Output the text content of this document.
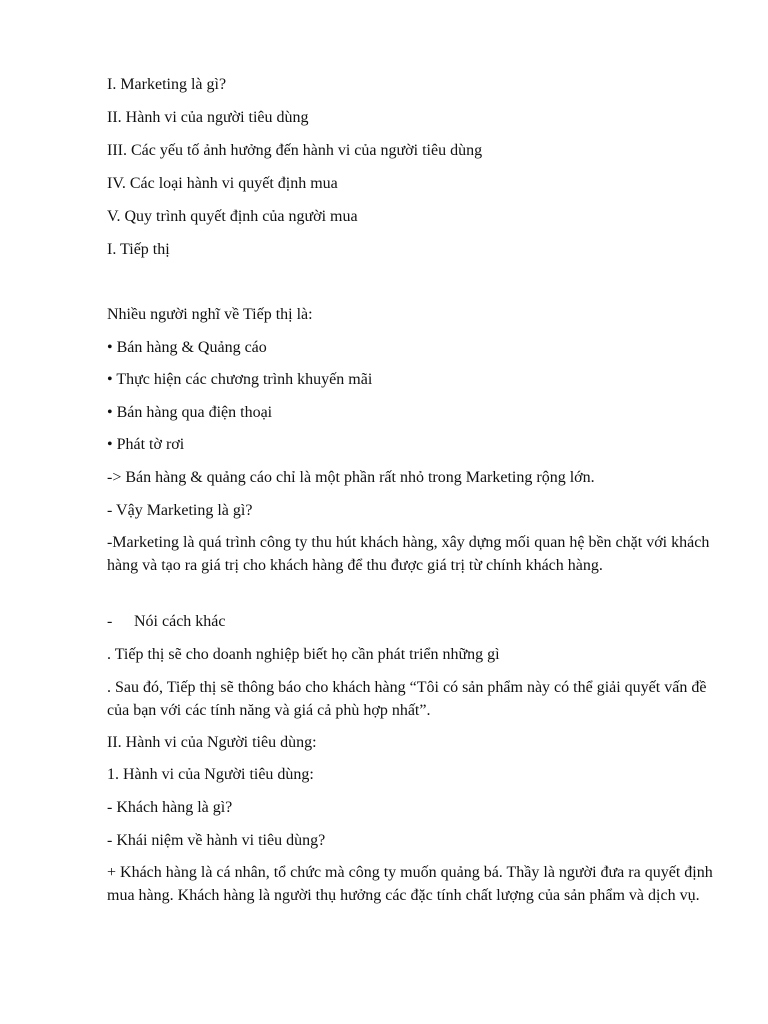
I. Marketing là gì?
II. Hành vi của người tiêu dùng
III. Các yếu tố ảnh hưởng đến hành vi của người tiêu dùng
IV. Các loại hành vi quyết định mua
V. Quy trình quyết định của người mua
I. Tiếp thị
Nhiều người nghĩ về Tiếp thị là:
• Bán hàng & Quảng cáo
• Thực hiện các chương trình khuyến mãi
• Bán hàng qua điện thoại
• Phát tờ rơi
-> Bán hàng & quảng cáo chỉ là một phần rất nhỏ trong Marketing rộng lớn.
- Vậy Marketing là gì?
-Marketing là quá trình công ty thu hút khách hàng, xây dựng mối quan hệ bền chặt với khách hàng và tạo ra giá trị cho khách hàng để thu được giá trị từ chính khách hàng.
- Nói cách khác
. Tiếp thị sẽ cho doanh nghiệp biết họ cần phát triển những gì
. Sau đó, Tiếp thị sẽ thông báo cho khách hàng “Tôi có sản phẩm này có thể giải quyết vấn đề của bạn với các tính năng và giá cả phù hợp nhất”.
II. Hành vi của Người tiêu dùng:
1. Hành vi của Người tiêu dùng:
- Khách hàng là gì?
- Khái niệm về hành vi tiêu dùng?
+ Khách hàng là cá nhân, tổ chức mà công ty muốn quảng bá. Thầy là người đưa ra quyết định mua hàng. Khách hàng là người thụ hưởng các đặc tính chất lượng của sản phẩm và dịch vụ.
